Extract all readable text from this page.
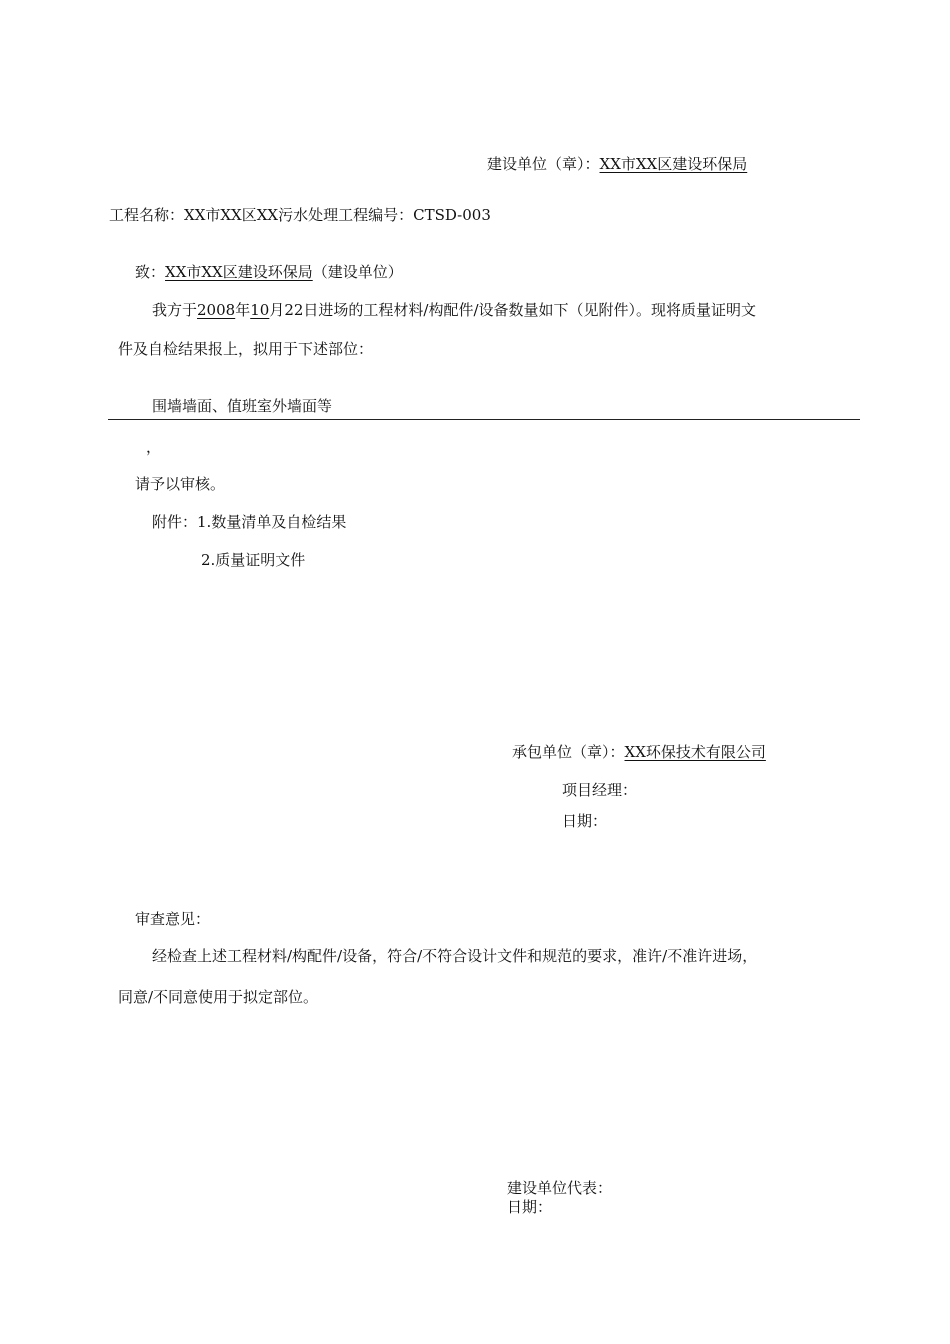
建设单位（章）：XX市XX区建设环保局
工程名称：XX市XX区XX污水处理工程编号：CTSD-003
致：XX市XX区建设环保局（建设单位）
我方于2008年10月22日进场的工程材料/构配件/设备数量如下（见附件）。现将质量证明文
件及自检结果报上，拟用于下述部位：
围墙墙面、值班室外墙面等
，
请予以审核。
附件：1.数量清单及自检结果
2.质量证明文件
承包单位（章）：XX环保技术有限公司
项目经理：
日期：
审查意见：
经检查上述工程材料/构配件/设备，符合/不符合设计文件和规范的要求，准许/不准许进场，
同意/不同意使用于拟定部位。
建设单位代表：
日期：
